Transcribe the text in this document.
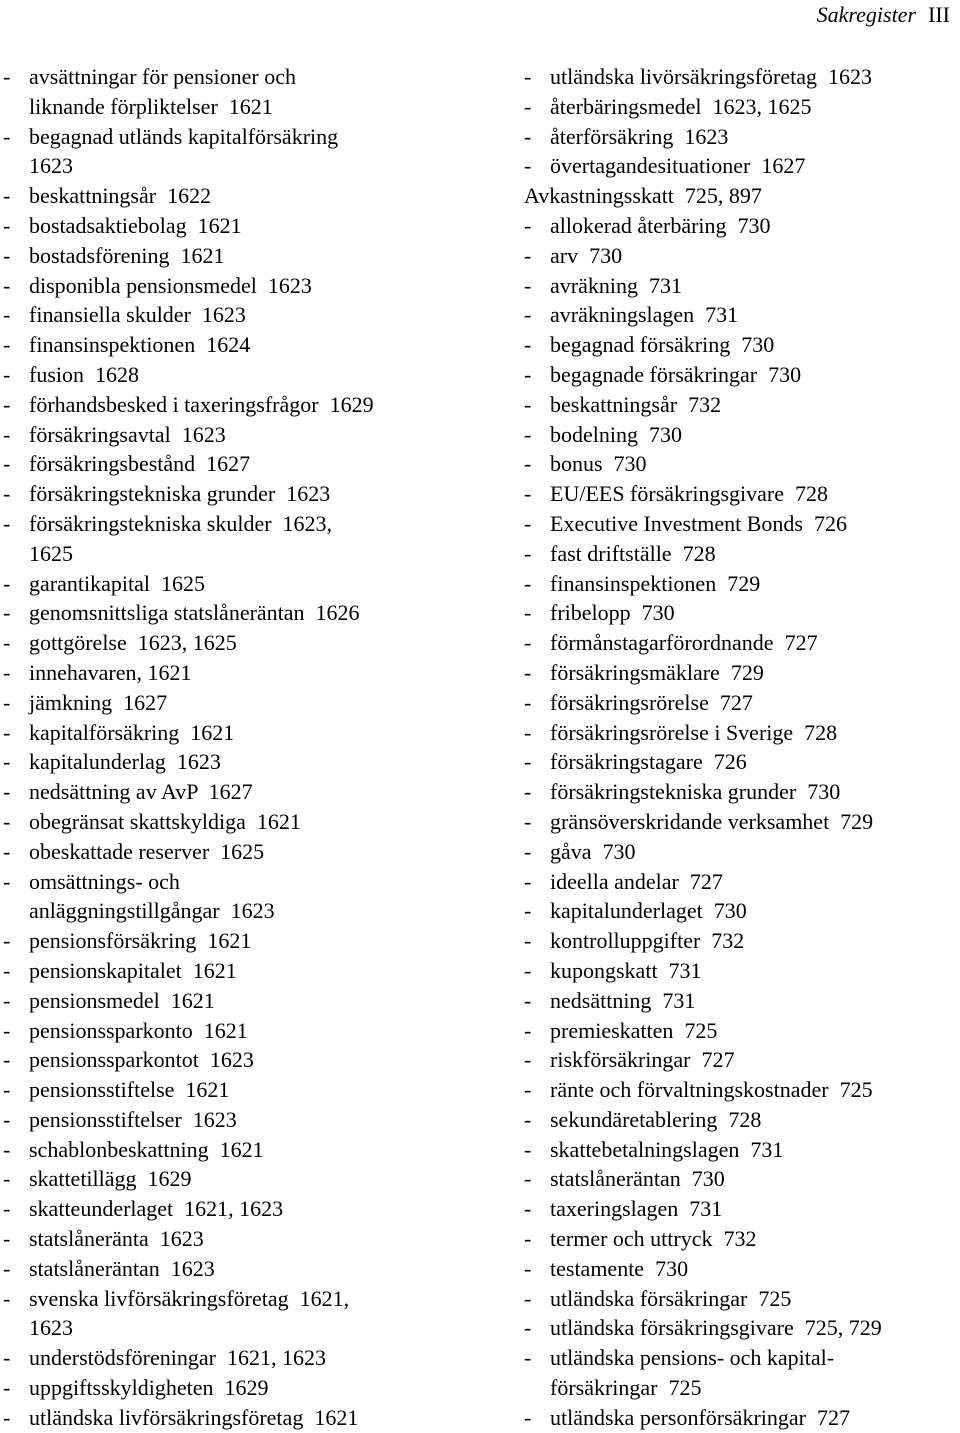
Sakregister III
- avsättningar för pensioner och
liknande förpliktelser  1621
- begagnad utländs kapitalförsäkring
1623
- beskattningsår  1622
- bostadsaktiebolag  1621
- bostadsförening  1621
- disponibla pensionsmedel  1623
- finansiella skulder  1623
- finansinspektionen  1624
- fusion  1628
- förhandsbesked i taxeringsfrågor  1629
- försäkringsavtal  1623
- försäkringsbestånd  1627
- försäkringstekniska grunder  1623
- försäkringstekniska skulder  1623,
1625
- garantikapital  1625
- genomsnittsliga statslåneräntan  1626
- gottgörelse  1623, 1625
- innehavaren, 1621
- jämkning  1627
- kapitalförsäkring  1621
- kapitalunderlag  1623
- nedsättning av AvP  1627
- obegränsat skattskyldiga  1621
- obeskattade reserver  1625
- omsättnings- och
anläggningstillgångar  1623
- pensionsförsäkring  1621
- pensionskapitalet  1621
- pensionsmedel  1621
- pensionssparkonto  1621
- pensionssparkontot  1623
- pensionsstiftelse  1621
- pensionsstiftelser  1623
- schablonbeskattning  1621
- skattetillägg  1629
- skatteunderlaget  1621, 1623
- statslåneränta  1623
- statslåneräntan  1623
- svenska livförsäkringsföretag  1621,
1623
- understödsföreningar  1621, 1623
- uppgiftsskyldigheten  1629
- utländska livförsäkringsföretag  1621
- utländska livörsäkringsföretag  1623
- återbäringsmedel  1623, 1625
- återförsäkring  1623
- övertagandesituationer  1627
Avkastningsskatt  725, 897
- allokerad återbäring  730
- arv  730
- avräkning  731
- avräkningslagen  731
- begagnad försäkring  730
- begagnade försäkringar  730
- beskattningsår  732
- bodelning  730
- bonus  730
- EU/EES försäkringsgivare  728
- Executive Investment Bonds  726
- fast driftställe  728
- finansinspektionen  729
- fribelopp  730
- förmånstagarförordnande  727
- försäkringsmäklare  729
- försäkringsrörelse  727
- försäkringsrörelse i Sverige  728
- försäkringstagare  726
- försäkringstekniska grunder  730
- gränsöverskridande verksamhet  729
- gåva  730
- ideella andelar  727
- kapitalunderlaget  730
- kontrolluppgifter  732
- kupongskatt  731
- nedsättning  731
- premieskatten  725
- riskförsäkringar  727
- ränte och förvaltningskostnader  725
- sekundäretablering  728
- skattebetalningslagen  731
- statslåneräntan  730
- taxeringslagen  731
- termer och uttryck  732
- testamente  730
- utländska försäkringar  725
- utländska försäkringsgivare  725, 729
- utländska pensions- och kapital-
försäkringar  725
- utländska personförsäkringar  727
